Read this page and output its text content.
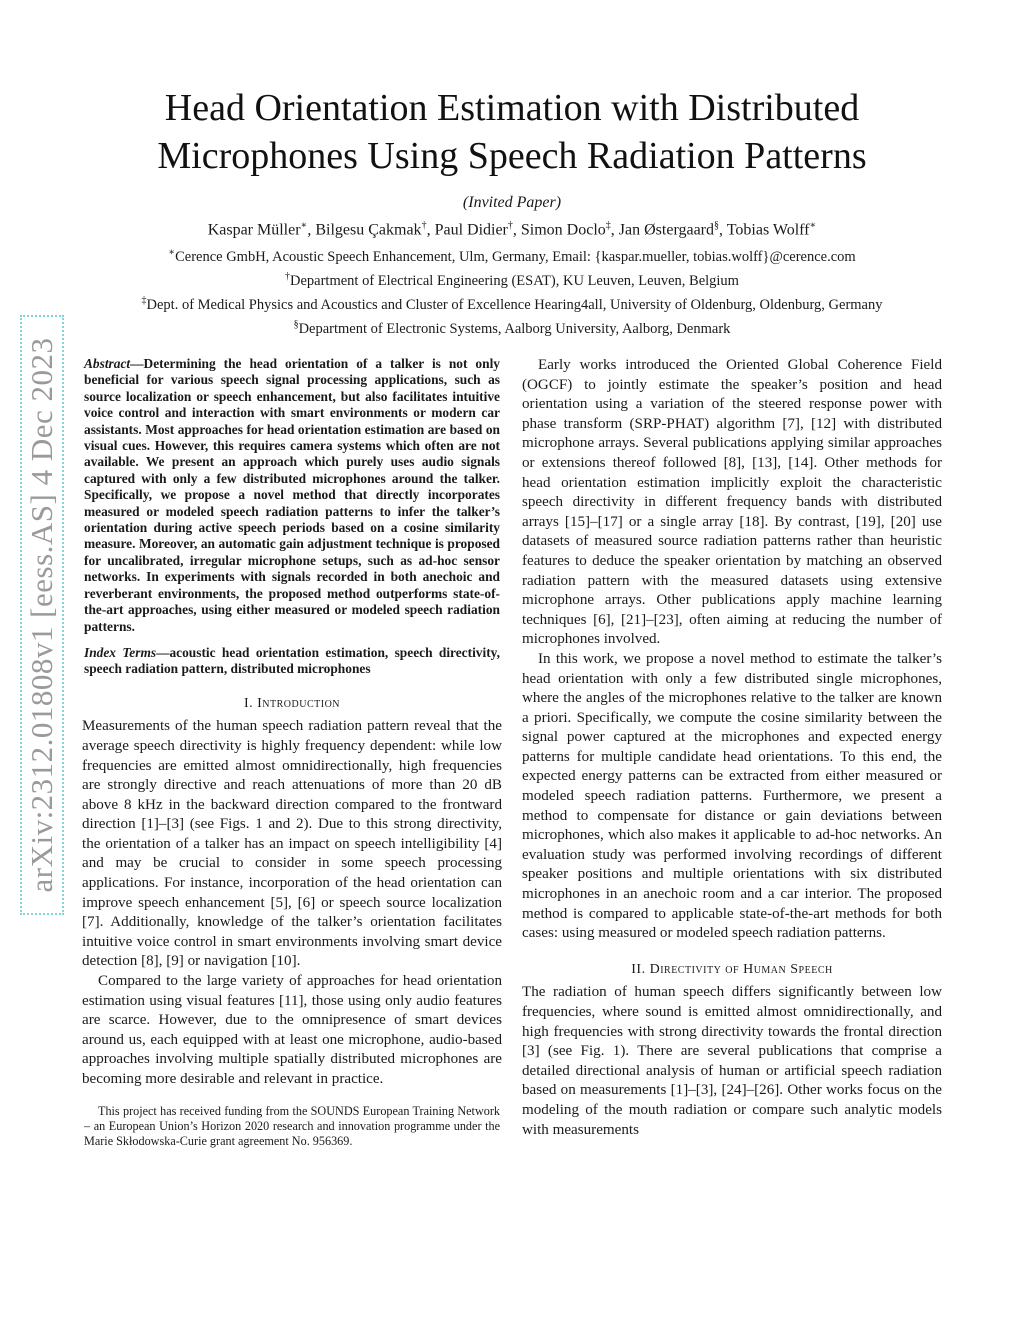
arXiv:2312.01808v1 [eess.AS] 4 Dec 2023
Head Orientation Estimation with Distributed
Microphones Using Speech Radiation Patterns
(Invited Paper)
Kaspar Müller∗, Bilgesu Çakmak†, Paul Didier†, Simon Doclo‡, Jan Østergaard§, Tobias Wolff∗
∗Cerence GmbH, Acoustic Speech Enhancement, Ulm, Germany, Email: {kaspar.mueller, tobias.wolff}@cerence.com
†Department of Electrical Engineering (ESAT), KU Leuven, Leuven, Belgium
‡Dept. of Medical Physics and Acoustics and Cluster of Excellence Hearing4all, University of Oldenburg, Oldenburg, Germany
§Department of Electronic Systems, Aalborg University, Aalborg, Denmark

Abstract—Determining the head orientation of a talker is not only beneficial for various speech signal processing applications, such as source localization or speech enhancement, but also facilitates intuitive voice control and interaction with smart environments or modern car assistants. Most approaches for head orientation estimation are based on visual cues. However, this requires camera systems which often are not available. We present an approach which purely uses audio signals captured with only a few distributed microphones around the talker. Specifically, we propose a novel method that directly incorporates measured or modeled speech radiation patterns to infer the talker’s orientation during active speech periods based on a cosine similarity measure. Moreover, an automatic gain adjustment technique is proposed for uncalibrated, irregular microphone setups, such as ad-hoc sensor networks. In experiments with signals recorded in both anechoic and reverberant environments, the proposed method outperforms state-of-the-art approaches, using either measured or modeled speech radiation patterns.

Index Terms—acoustic head orientation estimation, speech directivity, speech radiation pattern, distributed microphones

I. Introduction

Measurements of the human speech radiation pattern reveal that the average speech directivity is highly frequency dependent: while low frequencies are emitted almost omnidirectionally, high frequencies are strongly directive and reach attenuations of more than 20 dB above 8 kHz in the backward direction compared to the frontward direction [1]–[3] (see Figs. 1 and 2). Due to this strong directivity, the orientation of a talker has an impact on speech intelligibility [4] and may be crucial to consider in some speech processing applications. For instance, incorporation of the head orientation can improve speech enhancement [5], [6] or speech source localization [7]. Additionally, knowledge of the talker’s orientation facilitates intuitive voice control in smart environments involving smart device detection [8], [9] or navigation [10].

Compared to the large variety of approaches for head orientation estimation using visual features [11], those using only audio features are scarce. However, due to the omnipresence of smart devices around us, each equipped with at least one microphone, audio-based approaches involving multiple spatially distributed microphones are becoming more desirable and relevant in practice.

This project has received funding from the SOUNDS European Training Network – an European Union’s Horizon 2020 research and innovation programme under the Marie Skłodowska-Curie grant agreement No. 956369.

Early works introduced the Oriented Global Coherence Field (OGCF) to jointly estimate the speaker’s position and head orientation using a variation of the steered response power with phase transform (SRP-PHAT) algorithm [7], [12] with distributed microphone arrays. Several publications applying similar approaches or extensions thereof followed [8], [13], [14]. Other methods for head orientation estimation implicitly exploit the characteristic speech directivity in different frequency bands with distributed arrays [15]–[17] or a single array [18]. By contrast, [19], [20] use datasets of measured source radiation patterns rather than heuristic features to deduce the speaker orientation by matching an observed radiation pattern with the measured datasets using extensive microphone arrays. Other publications apply machine learning techniques [6], [21]–[23], often aiming at reducing the number of microphones involved.

In this work, we propose a novel method to estimate the talker’s head orientation with only a few distributed single microphones, where the angles of the microphones relative to the talker are known a priori. Specifically, we compute the cosine similarity between the signal power captured at the microphones and expected energy patterns for multiple candidate head orientations. To this end, the expected energy patterns can be extracted from either measured or modeled speech radiation patterns. Furthermore, we present a method to compensate for distance or gain deviations between microphones, which also makes it applicable to ad-hoc networks. An evaluation study was performed involving recordings of different speaker positions and multiple orientations with six distributed microphones in an anechoic room and a car interior. The proposed method is compared to applicable state-of-the-art methods for both cases: using measured or modeled speech radiation patterns.

II. Directivity of Human Speech

The radiation of human speech differs significantly between low frequencies, where sound is emitted almost omnidirectionally, and high frequencies with strong directivity towards the frontal direction [3] (see Fig. 1). There are several publications that comprise a detailed directional analysis of human or artificial speech radiation based on measurements [1]–[3], [24]–[26]. Other works focus on the modeling of the mouth radiation or compare such analytic models with measurements
